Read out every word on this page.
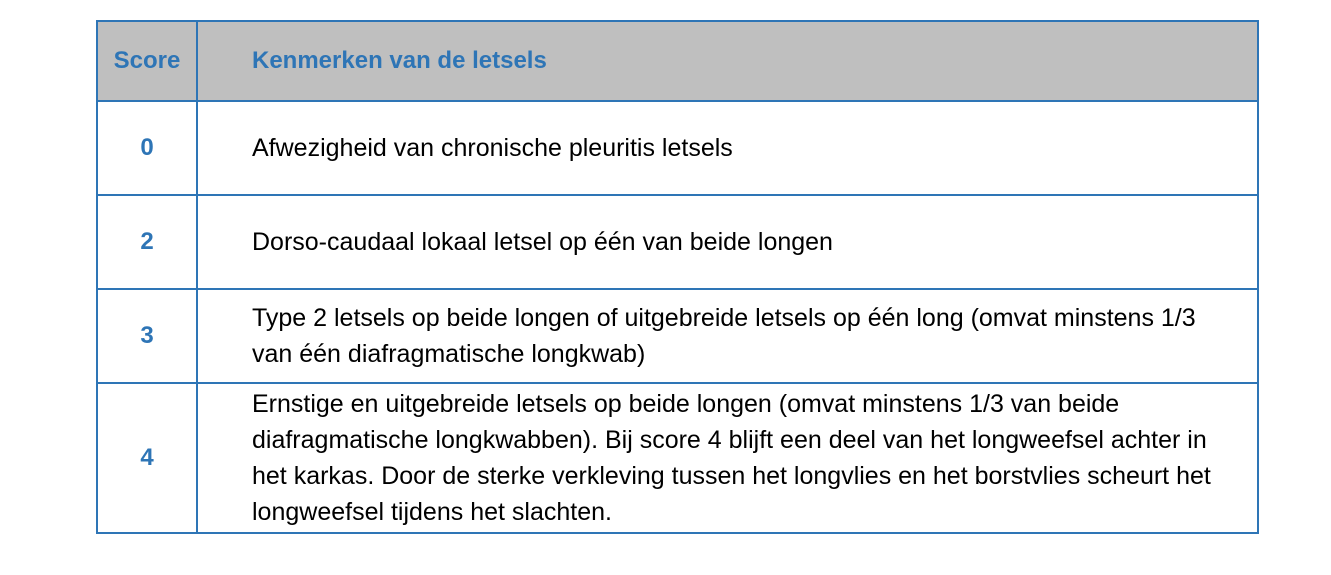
Score	Kenmerken van de letsels
0	Afwezigheid van chronische pleuritis letsels
2	Dorso-caudaal lokaal letsel op één van beide longen
3	Type 2 letsels op beide longen of uitgebreide letsels op één long (omvat minstens 1/3 van één diafragmatische longkwab)
4	Ernstige en uitgebreide letsels op beide longen (omvat minstens 1/3 van beide diafragmatische longkwabben). Bij score 4 blijft een deel van het longweefsel achter in het karkas. Door de sterke verkleving tussen het longvlies en het borstvlies scheurt het longweefsel tijdens het slachten.
